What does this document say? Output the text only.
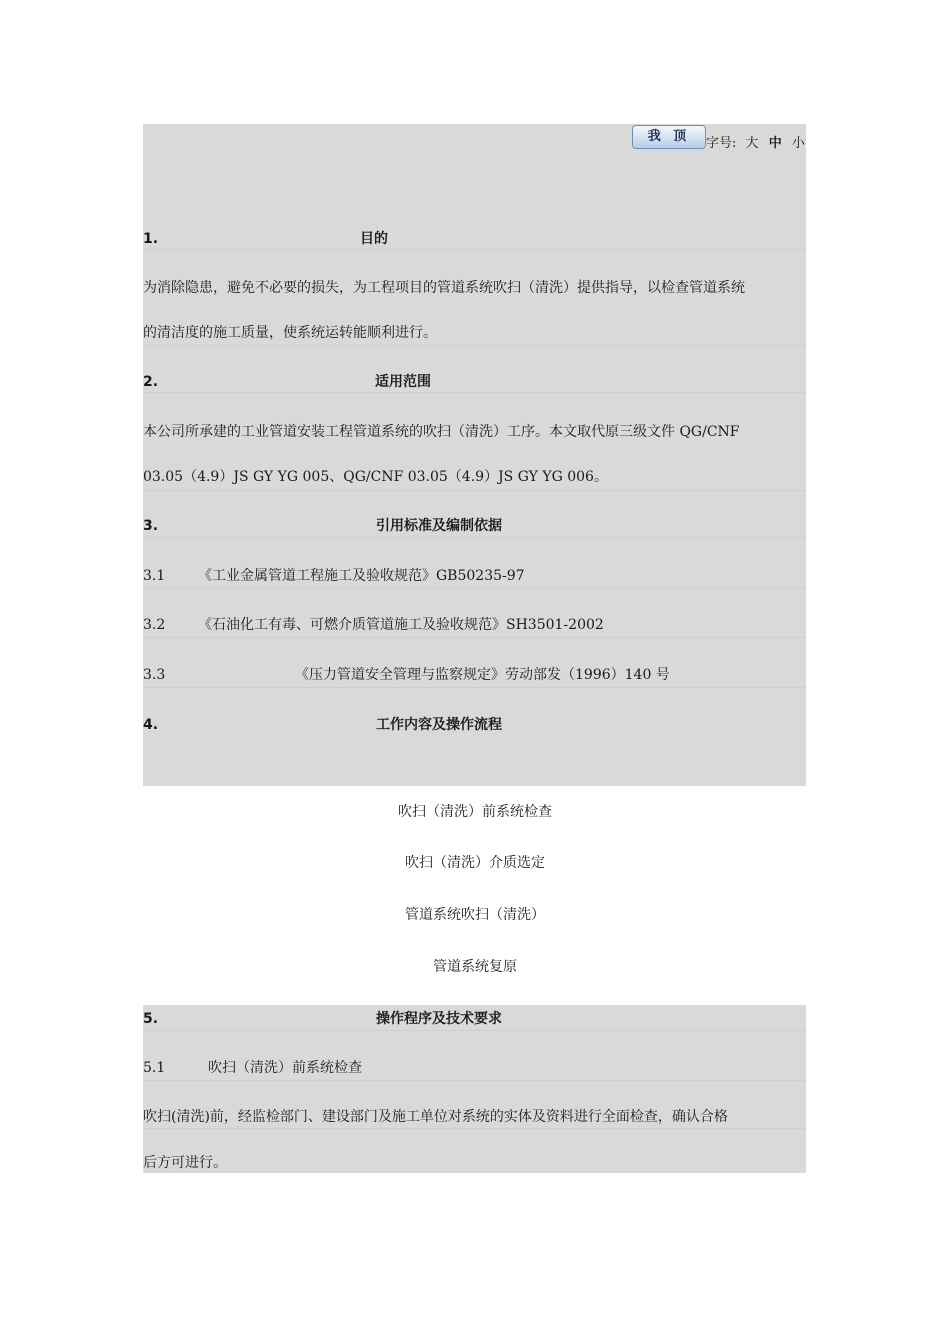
我 顶	字号: 大 中 小
1.	目的
为消除隐患，避免不必要的损失，为工程项目的管道系统吹扫（清洗）提供指导，以检查管道系统
的清洁度的施工质量，使系统运转能顺利进行。
2.	适用范围
本公司所承建的工业管道安装工程管道系统的吹扫（清洗）工序。本文取代原三级文件 QG/CNF
03.05（4.9）JS GY YG 005、QG/CNF 03.05（4.9）JS GY YG 006。
3.	引用标准及编制依据
3.1 《工业金属管道工程施工及验收规范》GB50235-97
3.2 《石油化工有毒、可燃介质管道施工及验收规范》SH3501-2002
3.3	《压力管道安全管理与监察规定》劳动部发（1996）140 号
4.	工作内容及操作流程
吹扫（清洗）前系统检查
吹扫（清洗）介质选定
管道系统吹扫（清洗）
管道系统复原
5.	操作程序及技术要求
5.1	吹扫（清洗）前系统检查
吹扫(清洗)前，经监检部门、建设部门及施工单位对系统的实体及资料进行全面检查，确认合格
后方可进行。
